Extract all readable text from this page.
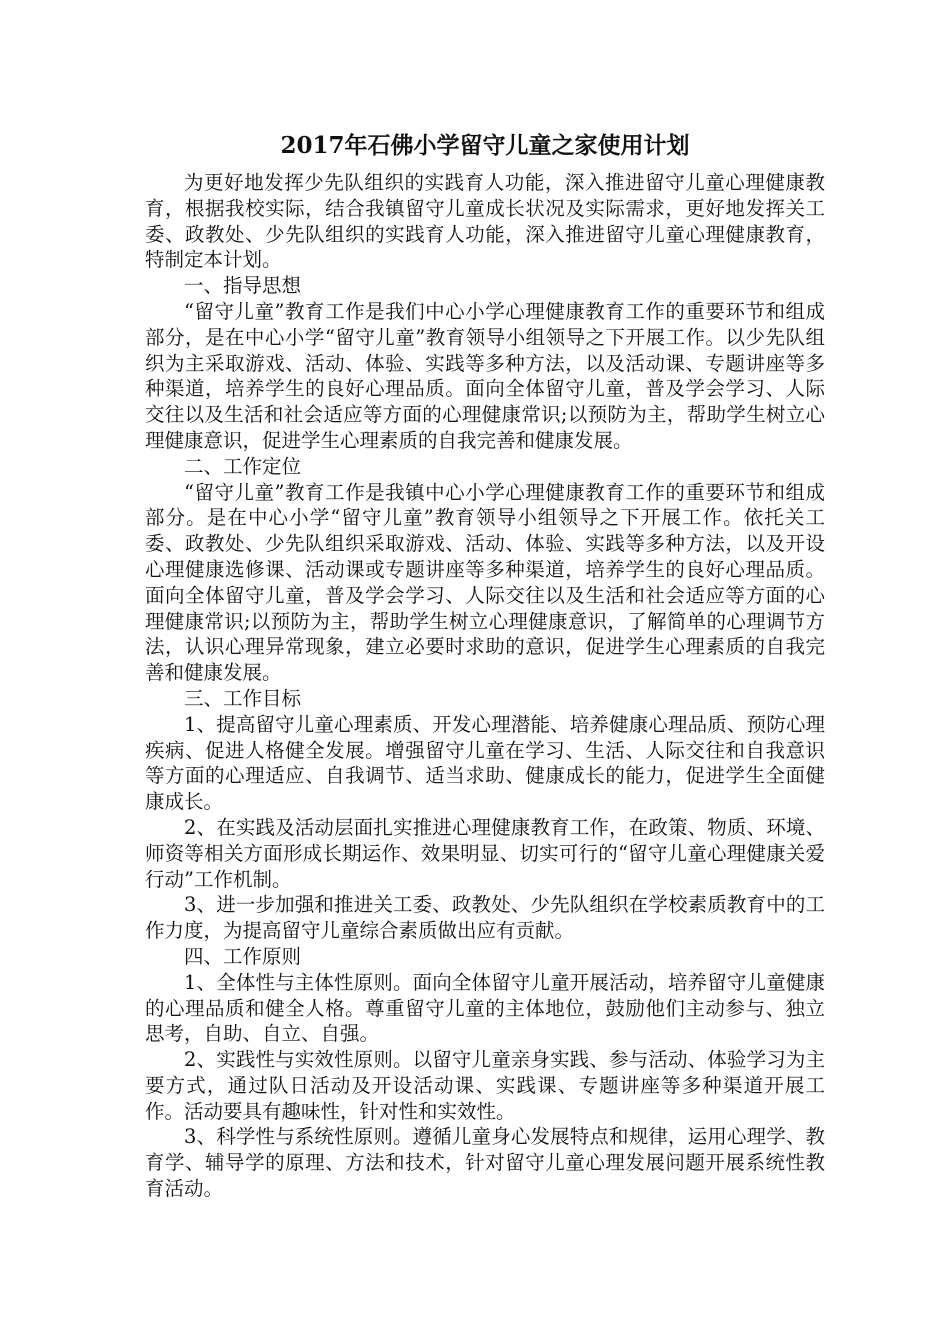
2017年石佛小学留守儿童之家使用计划

为更好地发挥少先队组织的实践育人功能，深入推进留守儿童心理健康教育，根据我校实际，结合我镇留守儿童成长状况及实际需求，更好地发挥关工委、政教处、少先队组织的实践育人功能，深入推进留守儿童心理健康教育，特制定本计划。

一、指导思想

“留守儿童”教育工作是我们中心小学心理健康教育工作的重要环节和组成部分，是在中心小学“留守儿童”教育领导小组领导之下开展工作。以少先队组织为主采取游戏、活动、体验、实践等多种方法，以及活动课、专题讲座等多种渠道，培养学生的良好心理品质。面向全体留守儿童，普及学会学习、人际交往以及生活和社会适应等方面的心理健康常识;以预防为主，帮助学生树立心理健康意识，促进学生心理素质的自我完善和健康发展。

二、工作定位

“留守儿童”教育工作是我镇中心小学心理健康教育工作的重要环节和组成部分。是在中心小学“留守儿童”教育领导小组领导之下开展工作。依托关工委、政教处、少先队组织采取游戏、活动、体验、实践等多种方法，以及开设心理健康选修课、活动课或专题讲座等多种渠道，培养学生的良好心理品质。面向全体留守儿童，普及学会学习、人际交往以及生活和社会适应等方面的心理健康常识;以预防为主，帮助学生树立心理健康意识，了解简单的心理调节方法，认识心理异常现象，建立必要时求助的意识，促进学生心理素质的自我完善和健康发展。

三、工作目标

1、提高留守儿童心理素质、开发心理潜能、培养健康心理品质、预防心理疾病、促进人格健全发展。增强留守儿童在学习、生活、人际交往和自我意识等方面的心理适应、自我调节、适当求助、健康成长的能力，促进学生全面健康成长。

2、在实践及活动层面扎实推进心理健康教育工作，在政策、物质、环境、师资等相关方面形成长期运作、效果明显、切实可行的“留守儿童心理健康关爱行动”工作机制。

3、进一步加强和推进关工委、政教处、少先队组织在学校素质教育中的工作力度，为提高留守儿童综合素质做出应有贡献。

四、工作原则

1、全体性与主体性原则。面向全体留守儿童开展活动，培养留守儿童健康的心理品质和健全人格。尊重留守儿童的主体地位，鼓励他们主动参与、独立思考，自助、自立、自强。

2、实践性与实效性原则。以留守儿童亲身实践、参与活动、体验学习为主要方式，通过队日活动及开设活动课、实践课、专题讲座等多种渠道开展工作。活动要具有趣味性，针对性和实效性。

3、科学性与系统性原则。遵循儿童身心发展特点和规律，运用心理学、教育学、辅导学的原理、方法和技术，针对留守儿童心理发展问题开展系统性教育活动。
